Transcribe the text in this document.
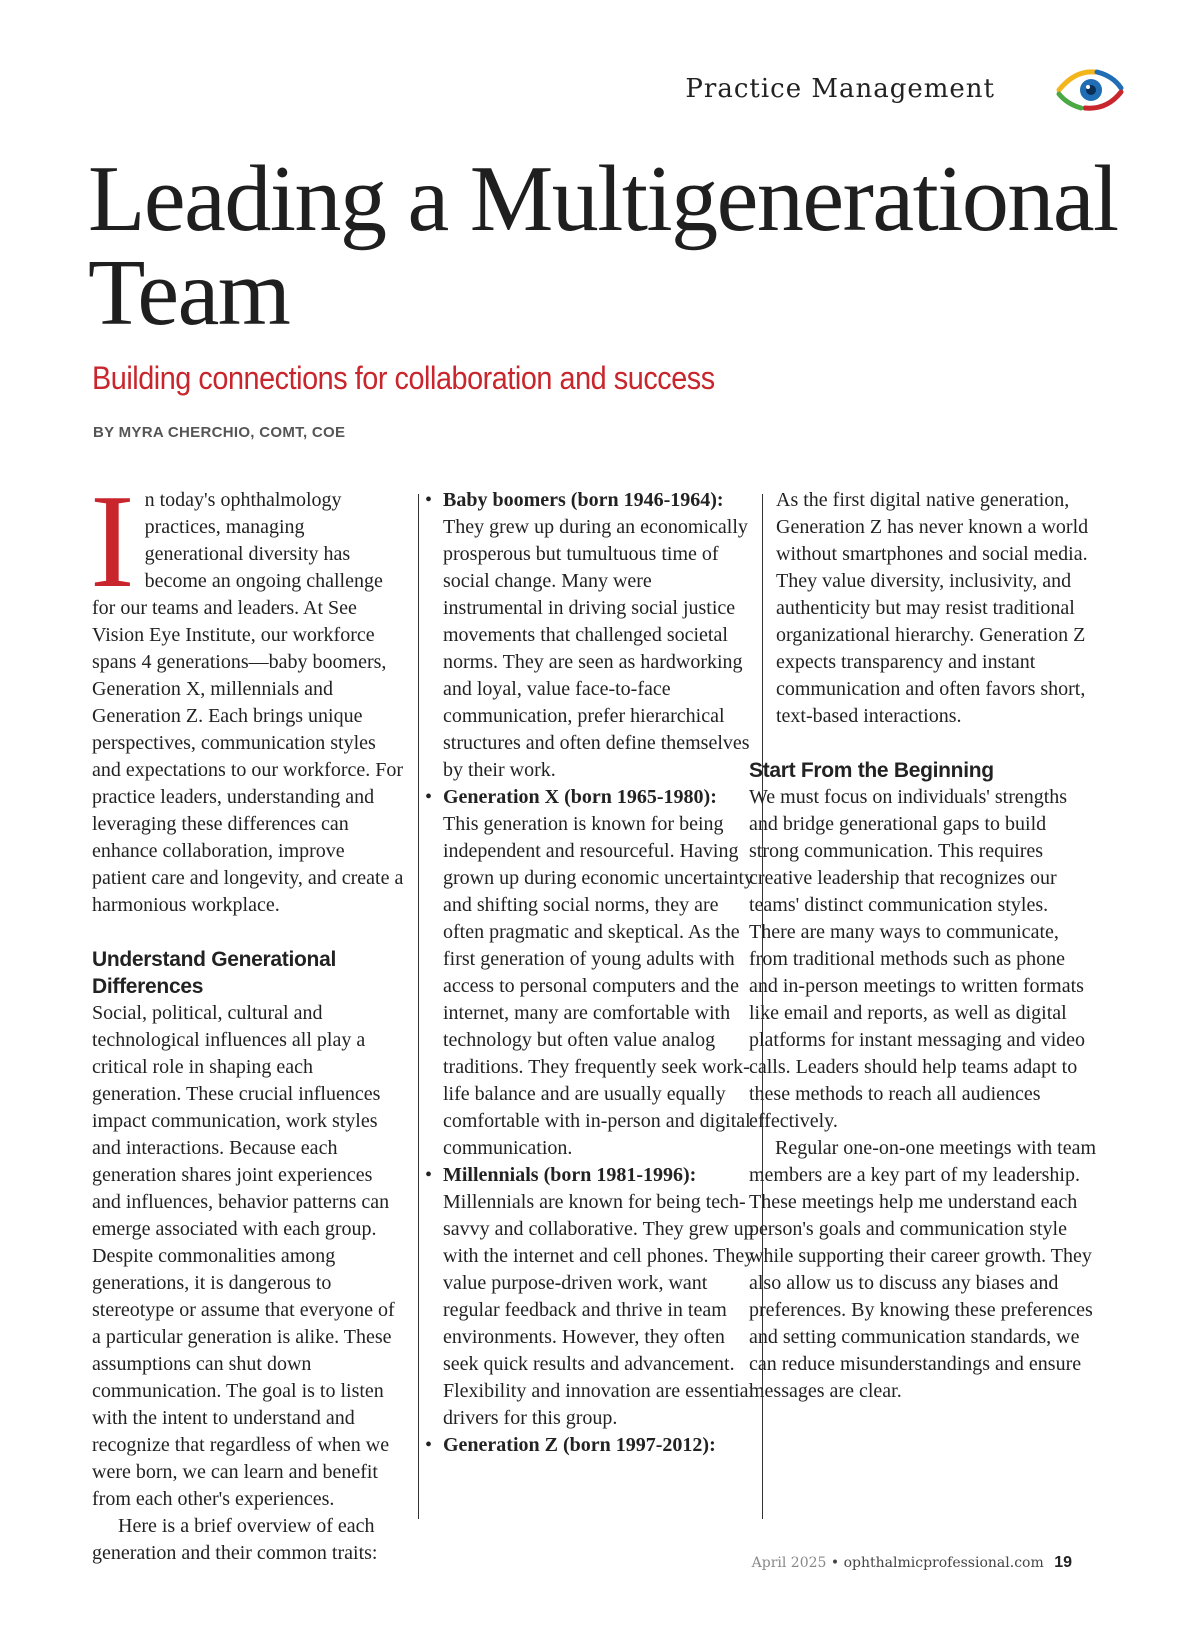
Practice Management
Leading a Multigenerational Team
Building connections for collaboration and success
BY MYRA CHERCHIO, COMT, COE

In today's ophthalmology practices, managing generational diversity has become an ongoing challenge for our teams and leaders. At See Vision Eye Institute, our workforce spans 4 generations—baby boomers, Generation X, millennials and Generation Z. Each brings unique perspectives, communication styles and expectations to our workforce. For practice leaders, understanding and leveraging these differences can enhance collaboration, improve patient care and longevity, and create a harmonious workplace.

Understand Generational Differences

Social, political, cultural and technological influences all play a critical role in shaping each generation. These crucial influences impact communication, work styles and interactions. Because each generation shares joint experiences and influences, behavior patterns can emerge associated with each group. Despite commonalities among generations, it is dangerous to stereotype or assume that everyone of a particular generation is alike. These assumptions can shut down communication. The goal is to listen with the intent to understand and recognize that regardless of when we were born, we can learn and benefit from each other's experiences.

Here is a brief overview of each generation and their common traits:

• Baby boomers (born 1946-1964): They grew up during an economically prosperous but tumultuous time of social change. Many were instrumental in driving social justice movements that challenged societal norms. They are seen as hardworking and loyal, value face-to-face communication, prefer hierarchical structures and often define themselves by their work.
• Generation X (born 1965-1980): This generation is known for being independent and resourceful. Having grown up during economic uncertainty and shifting social norms, they are often pragmatic and skeptical. As the first generation of young adults with access to personal computers and the internet, many are comfortable with technology but often value analog traditions. They frequently seek work-life balance and are usually equally comfortable with in-person and digital communication.
• Millennials (born 1981-1996): Millennials are known for being tech-savvy and collaborative. They grew up with the internet and cell phones. They value purpose-driven work, want regular feedback and thrive in team environments. However, they often seek quick results and advancement. Flexibility and innovation are essential drivers for this group.
• Generation Z (born 1997-2012):

As the first digital native generation, Generation Z has never known a world without smartphones and social media. They value diversity, inclusivity, and authenticity but may resist traditional organizational hierarchy. Generation Z expects transparency and instant communication and often favors short, text-based interactions.

Start From the Beginning

We must focus on individuals' strengths and bridge generational gaps to build strong communication. This requires creative leadership that recognizes our teams' distinct communication styles. There are many ways to communicate, from traditional methods such as phone and in-person meetings to written formats like email and reports, as well as digital platforms for instant messaging and video calls. Leaders should help teams adapt to these methods to reach all audiences effectively.

Regular one-on-one meetings with team members are a key part of my leadership. These meetings help me understand each person's goals and communication style while supporting their career growth. They also allow us to discuss any biases and preferences. By knowing these preferences and setting communication standards, we can reduce misunderstandings and ensure messages are clear.

April 2025 • ophthalmicprofessional.com 19
